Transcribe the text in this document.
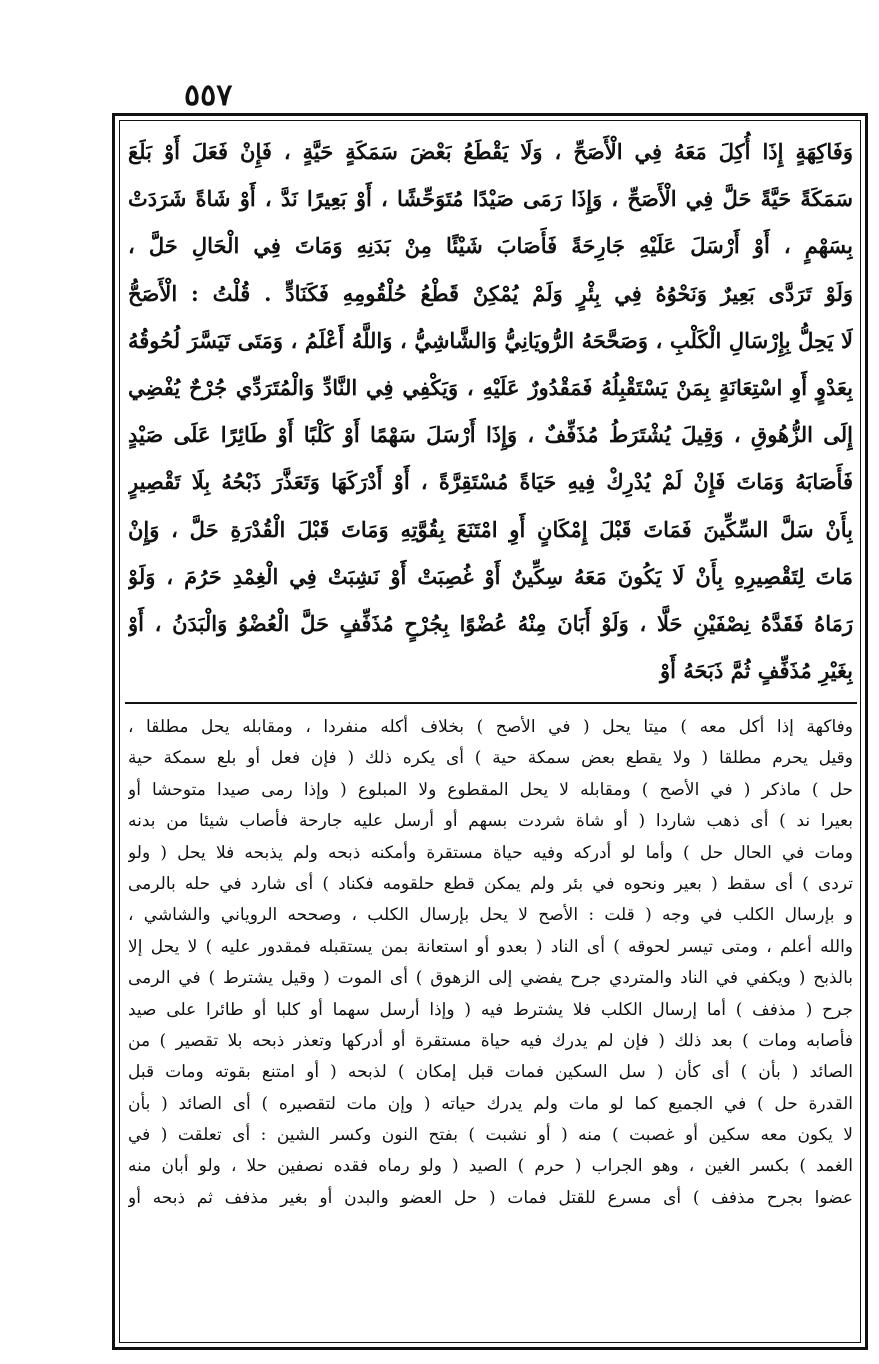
٥٥٧
وَفَاكِهَةٍ إِذَا أُكِلَ مَعَهُ فِي الْأَصَحِّ ، وَلَا يَقْطَعُ بَعْضَ سَمَكَةٍ حَيَّةٍ ، فَإِنْ فَعَلَ أَوْ بَلَعَ
سَمَكَةً حَيَّةً حَلَّ فِي الْأَصَحِّ ، وَإِذَا رَمَى صَيْدًا مُتَوَحِّشًا ، أَوْ بَعِيرًا نَدَّ ، أَوْ شَاةً شَرَدَتْ
بِسَهْمٍ ، أَوْ أَرْسَلَ عَلَيْهِ جَارِحَةً فَأَصَابَ شَيْئًا مِنْ بَدَنِهِ وَمَاتَ فِي الْحَالِ حَلَّ ،
وَلَوْ تَرَدَّى بَعِيرٌ وَنَحْوُهُ فِي بِئْرٍ وَلَمْ يُمْكِنْ قَطْعُ حُلْقُومِهِ فَكَنَادٍّ . قُلْتُ : الْأَصَحُّ
لَا يَحِلُّ بِإِرْسَالِ الْكَلْبِ ، وَصَحَّحَهُ الرُّويَانِيُّ وَالشَّاشِيُّ ، وَاللَّهُ أَعْلَمُ ، وَمَتَى تَيَسَّرَ لُحُوقُهُ
بِعَدْوٍ أَوِ اسْتِعَانَةٍ بِمَنْ يَسْتَقْبِلُهُ فَمَقْدُورٌ عَلَيْهِ ، وَيَكْفِي فِي النَّادِّ وَالْمُتَرَدِّي جُرْحٌ يُفْضِي
إِلَى الزُّهُوقِ ، وَقِيلَ يُشْتَرَطُ مُذَفِّفٌ ، وَإِذَا أَرْسَلَ سَهْمًا أَوْ كَلْبًا أَوْ طَائِرًا عَلَى صَيْدٍ
فَأَصَابَهُ وَمَاتَ فَإِنْ لَمْ يُدْرِكْ فِيهِ حَيَاةً مُسْتَقِرَّةً ، أَوْ أَدْرَكَهَا وَتَعَذَّرَ ذَبْحُهُ بِلَا تَقْصِيرٍ
بِأَنْ سَلَّ السِّكِّينَ فَمَاتَ قَبْلَ إِمْكَانٍ أَوِ امْتَنَعَ بِقُوَّتِهِ وَمَاتَ قَبْلَ الْقُدْرَةِ حَلَّ ، وَإِنْ
مَاتَ لِتَقْصِيرِهِ بِأَنْ لَا يَكُونَ مَعَهُ سِكِّينٌ أَوْ غُصِبَتْ أَوْ نَشِبَتْ فِي الْغِمْدِ حَرُمَ ، وَلَوْ
رَمَاهُ فَقَدَّهُ نِصْفَيْنِ حَلَّا ، وَلَوْ أَبَانَ مِنْهُ عُضْوًا بِجُرْحٍ مُذَفِّفٍ حَلَّ الْعُضْوُ وَالْبَدَنُ ، أَوْ
بِغَيْرِ مُذَفِّفٍ ثُمَّ ذَبَحَهُ أَوْ
وفاكهة إذا أكل معه ) ميتا يحل ( في الأصح ) بخلاف أكله منفردا ، ومقابله يحل مطلقا ،
وقيل يحرم مطلقا ( ولا يقطع بعض سمكة حية ) أى يكره ذلك ( فإن فعل أو بلع سمكة حية
حل ) ماذكر ( في الأصح ) ومقابله لا يحل المقطوع ولا المبلوع ( وإذا رمى صيدا متوحشا أو
بعيرا ند ) أى ذهب شاردا ( أو شاة شردت بسهم أو أرسل عليه جارحة فأصاب شيئا من بدنه
ومات في الحال حل ) وأما لو أدركه وفيه حياة مستقرة وأمكنه ذبحه ولم يذبحه فلا يحل ( ولو
تردى ) أى سقط ( بعير ونحوه في بئر ولم يمكن قطع حلقومه فكناد ) أى شارد في حله بالرمى
و بإرسال الكلب في وجه ( قلت : الأصح لا يحل بإرسال الكلب ، وصححه الروياني والشاشي ،
والله أعلم ، ومتى تيسر لحوقه ) أى الناد ( بعدو أو استعانة بمن يستقبله فمقدور عليه ) لا يحل إلا
بالذبح ( ويكفي في الناد والمتردي جرح يفضي إلى الزهوق ) أى الموت ( وقيل يشترط ) في الرمى
جرح ( مذفف ) أما إرسال الكلب فلا يشترط فيه ( وإذا أرسل سهما أو كلبا أو طائرا على صيد
فأصابه ومات ) بعد ذلك ( فإن لم يدرك فيه حياة مستقرة أو أدركها وتعذر ذبحه بلا تقصير ) من
الصائد ( بأن ) أى كأن ( سل السكين فمات قبل إمكان ) لذبحه ( أو امتنع بقوته ومات قبل
القدرة حل ) في الجميع كما لو مات ولم يدرك حياته ( وإن مات لتقصيره ) أى الصائد ( بأن
لا يكون معه سكين أو غصبت ) منه ( أو نشبت ) بفتح النون وكسر الشين : أى تعلقت ( في
الغمد ) بكسر الغين ، وهو الجراب ( حرم ) الصيد ( ولو رماه فقده نصفين حلا ، ولو أبان منه
عضوا بجرح مذفف ) أى مسرع للقتل فمات ( حل العضو والبدن أو بغير مذفف ثم ذبحه أو
